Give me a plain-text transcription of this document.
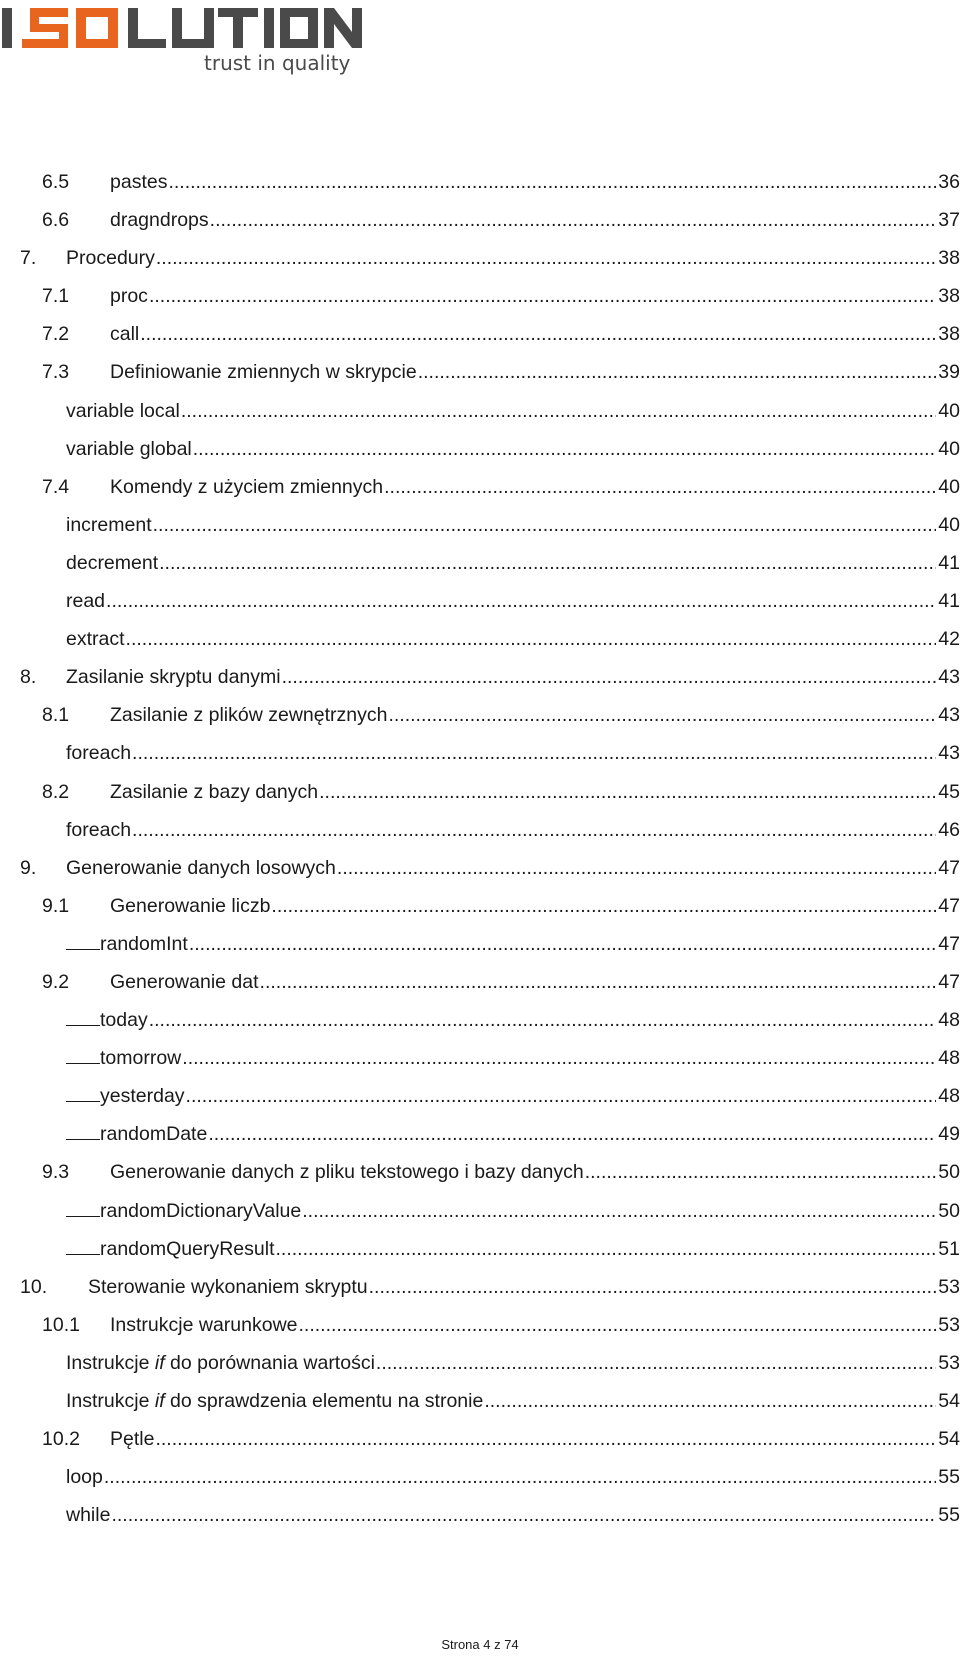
trust in quality
6.5	pastes .....	36
6.6	dragndrops .....	37
7.	Procedury .....	38
7.1	proc .....	38
7.2	call .....	38
7.3	Definiowanie zmiennych w skrypcie .....	39
variable local .....	40
variable global .....	40
7.4	Komendy z użyciem zmiennych .....	40
increment .....	40
decrement .....	41
read .....	41
extract .....	42
8.	Zasilanie skryptu danymi .....	43
8.1	Zasilanie z plików zewnętrznych .....	43
foreach .....	43
8.2	Zasilanie z bazy danych .....	45
foreach .....	46
9.	Generowanie danych losowych .....	47
9.1	Generowanie liczb .....	47
randomInt .....	47
9.2	Generowanie dat .....	47
today .....	48
tomorrow .....	48
yesterday .....	48
randomDate .....	49
9.3	Generowanie danych z pliku tekstowego i bazy danych .....	50
randomDictionaryValue .....	50
randomQueryResult .....	51
10.	Sterowanie wykonaniem skryptu .....	53
10.1	Instrukcje warunkowe .....	53
Instrukcje if do porównania wartości .....	53
Instrukcje if do sprawdzenia elementu na stronie .....	54
10.2	Pętle .....	54
loop .....	55
while .....	55
Strona 4 z 74
